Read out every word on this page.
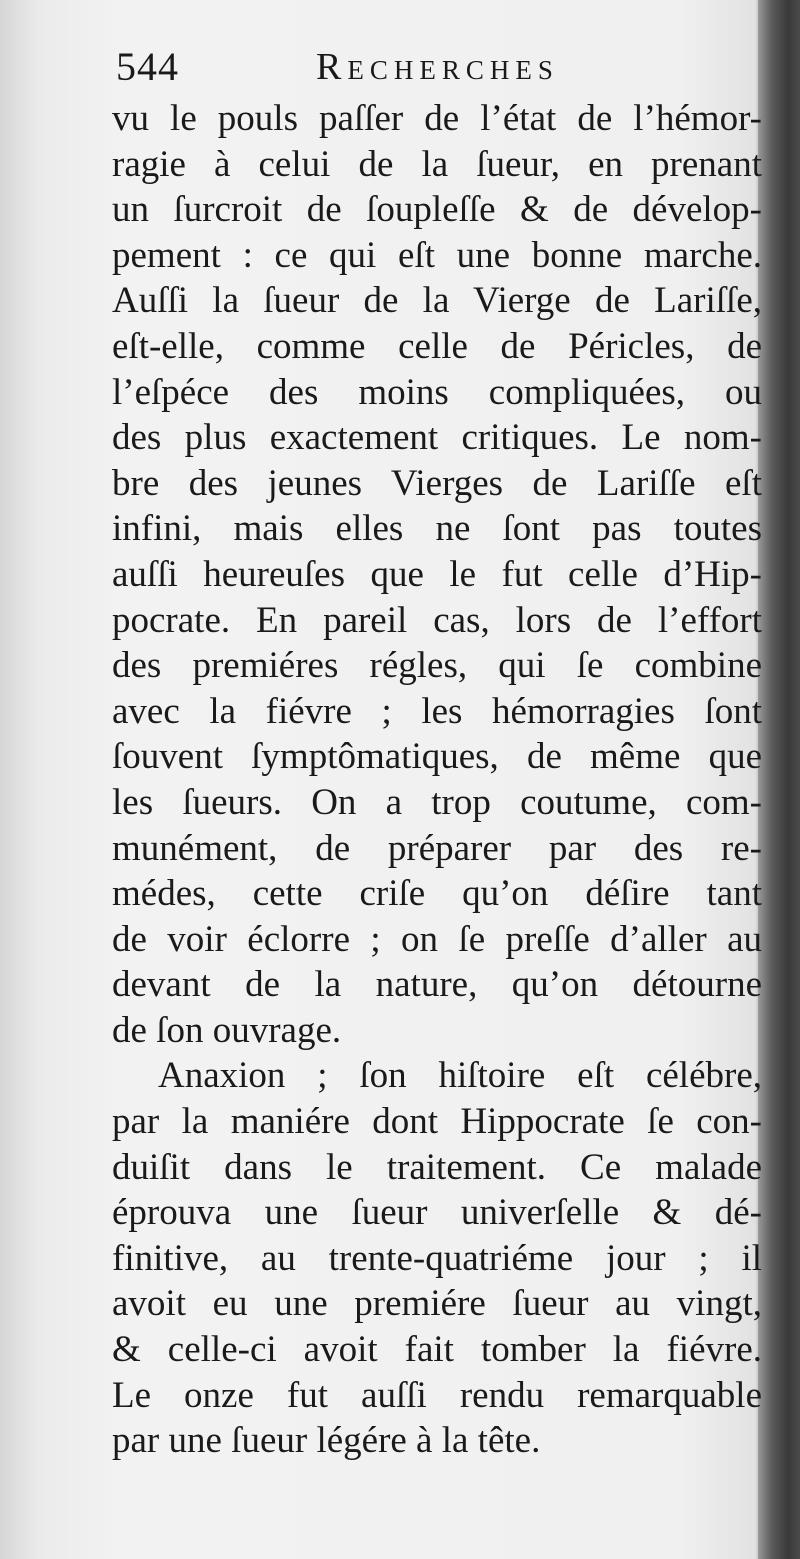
544	Recherches
vu le pouls paſſer de l’état de l’hémor-
ragie à celui de la ſueur, en prenant
un ſurcroit de ſoupleſſe & de dévelop-
pement : ce qui eſt une bonne marche.
Auſſi la ſueur de la Vierge de Lariſſe,
eſt-elle, comme celle de Péricles, de
l’eſpéce des moins compliquées, ou
des plus exactement critiques. Le nom-
bre des jeunes Vierges de Lariſſe eſt
infini, mais elles ne ſont pas toutes
auſſi heureuſes que le fut celle d’Hip-
pocrate. En pareil cas, lors de l’effort
des premiéres régles, qui ſe combine
avec la fiévre ; les hémorragies ſont
ſouvent ſymptômatiques, de même que
les ſueurs. On a trop coutume, com-
munément, de préparer par des re-
médes, cette criſe qu’on déſire tant
de voir éclorre ; on ſe preſſe d’aller au
devant de la nature, qu’on détourne
de ſon ouvrage.
Anaxion ; ſon hiſtoire eſt célébre,
par la maniére dont Hippocrate ſe con-
duiſit dans le traitement. Ce malade
éprouva une ſueur univerſelle & dé-
finitive, au trente-quatriéme jour ; il
avoit eu une premiére ſueur au vingt,
& celle-ci avoit fait tomber la fiévre.
Le onze fut auſſi rendu remarquable
par une ſueur légére à la tête.
